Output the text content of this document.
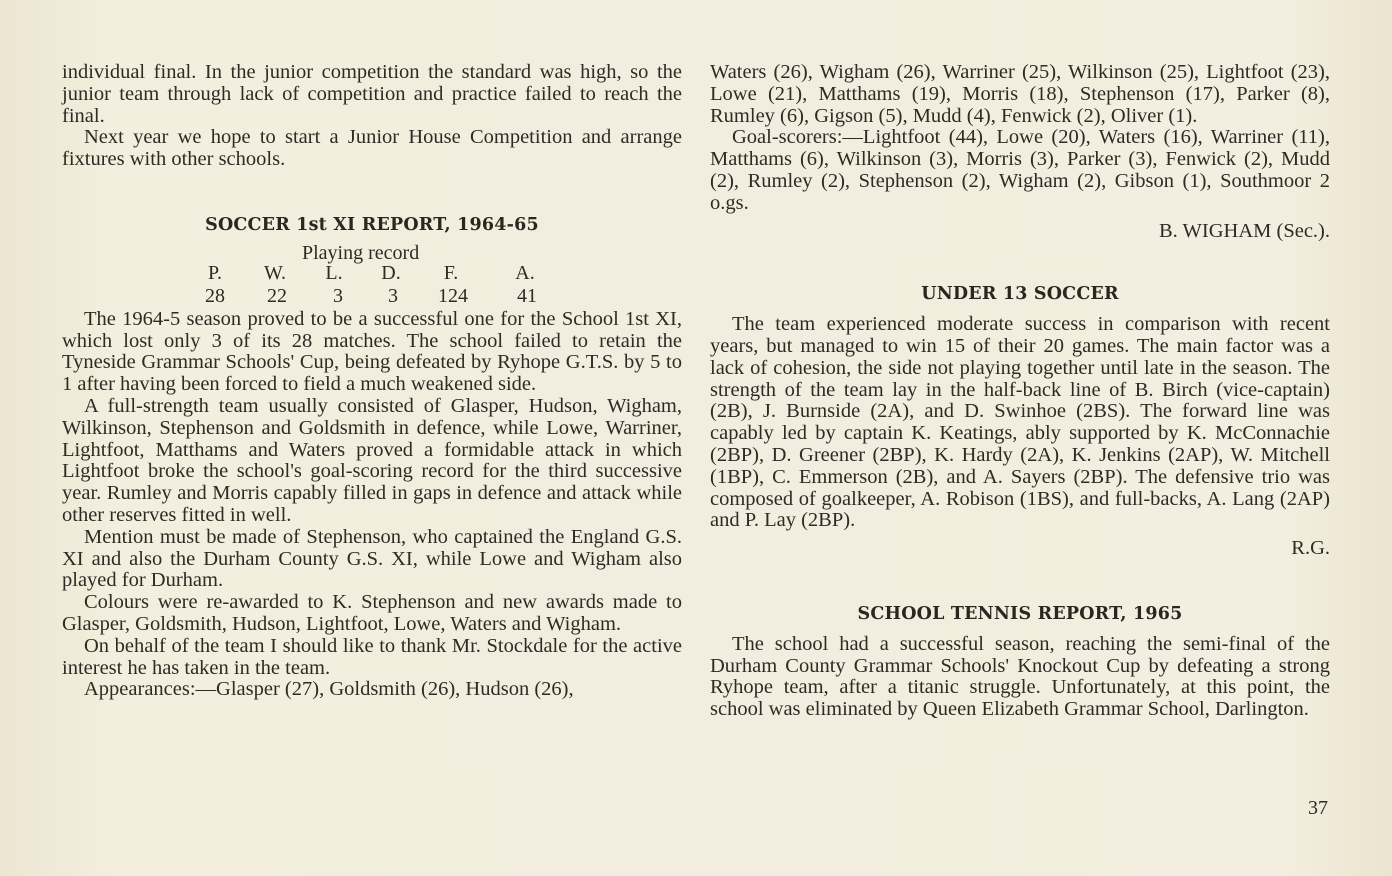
individual final. In the junior competition the standard was high, so the junior team through lack of competition and practice failed to reach the final.

Next year we hope to start a Junior House Competition and arrange fixtures with other schools.

SOCCER 1st XI REPORT, 1964-65
Playing record
P.	W.	L.	D.	F.	A.
28	22	3	3	124	41

The 1964-5 season proved to be a successful one for the School 1st XI, which lost only 3 of its 28 matches. The school failed to retain the Tyneside Grammar Schools' Cup, being defeated by Ryhope G.T.S. by 5 to 1 after having been forced to field a much weakened side.

A full-strength team usually consisted of Glasper, Hudson, Wigham, Wilkinson, Stephenson and Goldsmith in defence, while Lowe, Warriner, Lightfoot, Matthams and Waters proved a formidable attack in which Lightfoot broke the school's goal-scoring record for the third successive year. Rumley and Morris capably filled in gaps in defence and attack while other reserves fitted in well.

Mention must be made of Stephenson, who captained the England G.S. XI and also the Durham County G.S. XI, while Lowe and Wigham also played for Durham.

Colours were re-awarded to K. Stephenson and new awards made to Glasper, Goldsmith, Hudson, Lightfoot, Lowe, Waters and Wigham.

On behalf of the team I should like to thank Mr. Stockdale for the active interest he has taken in the team.

Appearances:—Glasper (27), Goldsmith (26), Hudson (26),

Waters (26), Wigham (26), Warriner (25), Wilkinson (25), Lightfoot (23), Lowe (21), Matthams (19), Morris (18), Stephenson (17), Parker (8), Rumley (6), Gigson (5), Mudd (4), Fenwick (2), Oliver (1).

Goal-scorers:—Lightfoot (44), Lowe (20), Waters (16), Warriner (11), Matthams (6), Wilkinson (3), Morris (3), Parker (3), Fenwick (2), Mudd (2), Rumley (2), Stephenson (2), Wigham (2), Gibson (1), Southmoor 2 o.gs.

B. WIGHAM (Sec.).

UNDER 13 SOCCER

The team experienced moderate success in comparison with recent years, but managed to win 15 of their 20 games. The main factor was a lack of cohesion, the side not playing together until late in the season. The strength of the team lay in the half-back line of B. Birch (vice-captain) (2B), J. Burnside (2A), and D. Swinhoe (2BS). The forward line was capably led by captain K. Keatings, ably supported by K. McConnachie (2BP), D. Greener (2BP), K. Hardy (2A), K. Jenkins (2AP), W. Mitchell (1BP), C. Emmerson (2B), and A. Sayers (2BP). The defensive trio was composed of goalkeeper, A. Robison (1BS), and full-backs, A. Lang (2AP) and P. Lay (2BP).

R.G.

SCHOOL TENNIS REPORT, 1965

The school had a successful season, reaching the semi-final of the Durham County Grammar Schools' Knockout Cup by defeating a strong Ryhope team, after a titanic struggle. Unfortunately, at this point, the school was eliminated by Queen Elizabeth Grammar School, Darlington.

37
